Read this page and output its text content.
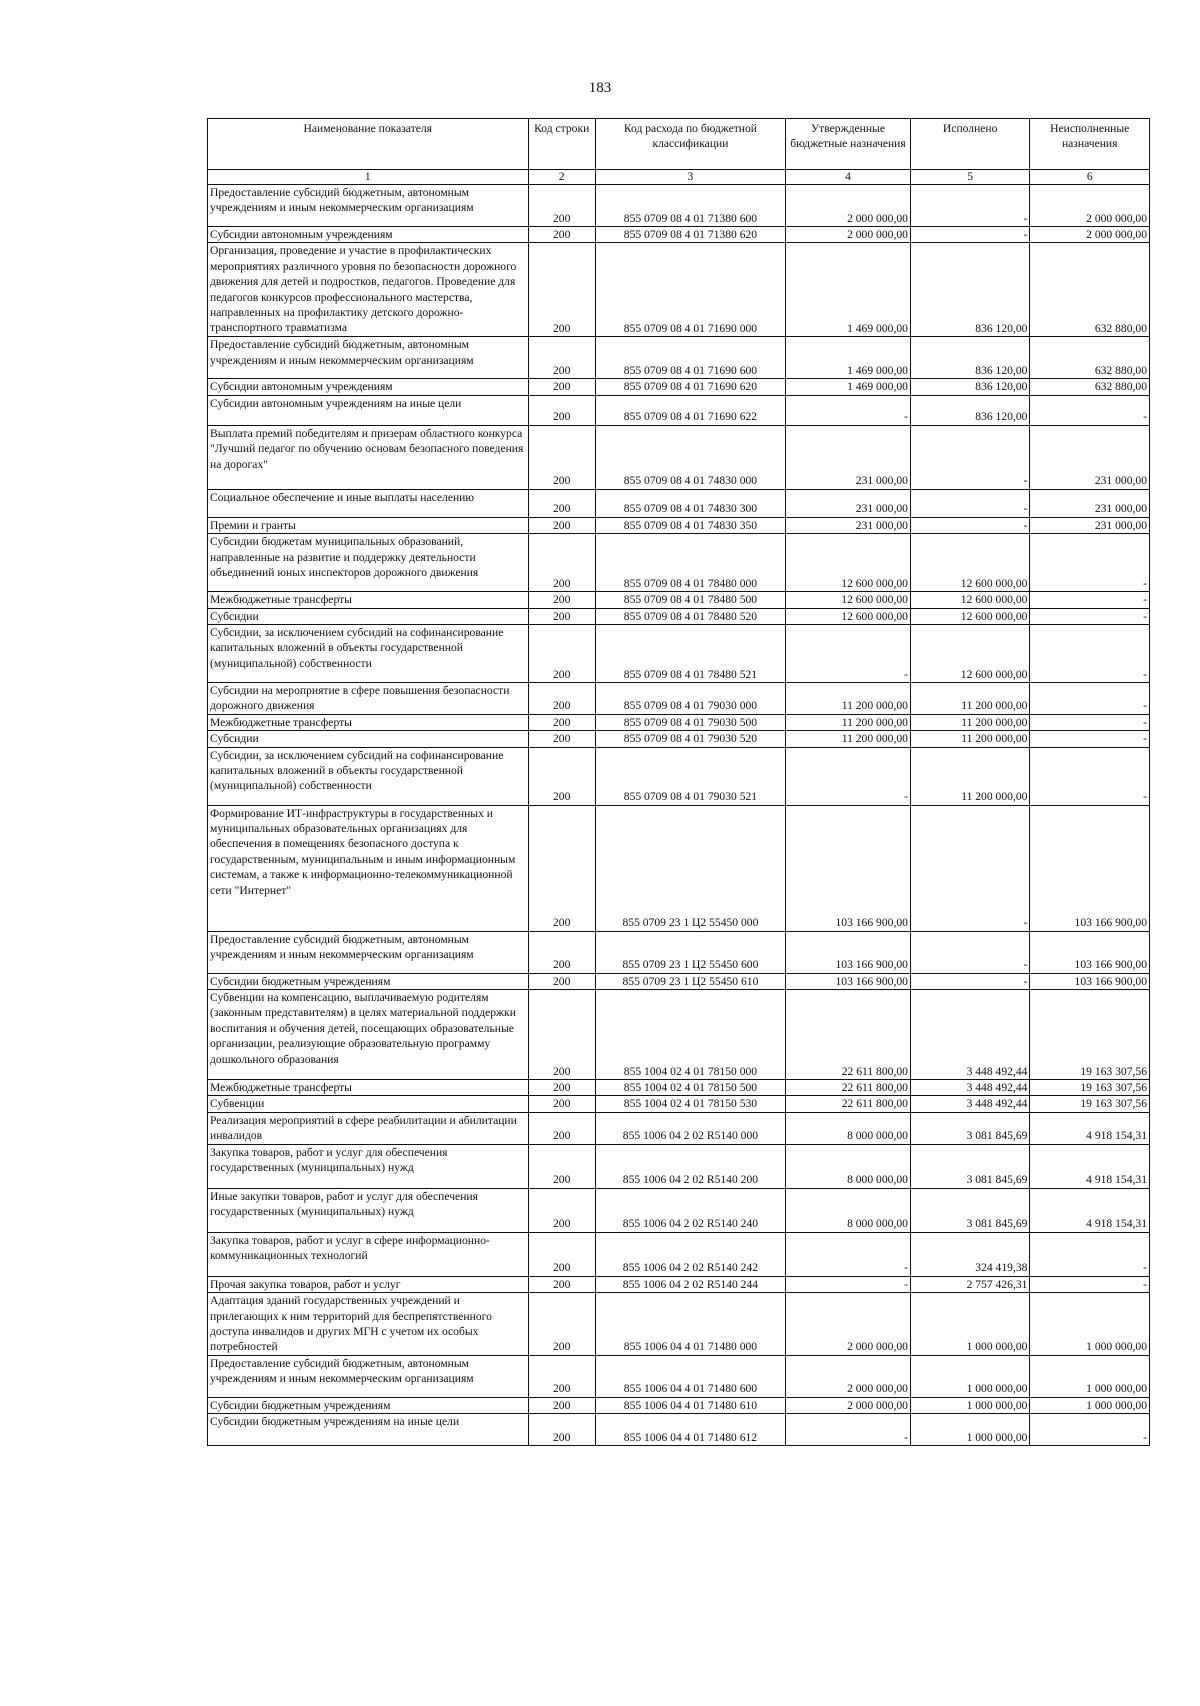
183
Наименование показателя	Код строки	Код расхода по бюджетной классификации	Утвержденные бюджетные назначения	Исполнено	Неисполненные назначения
1	2	3	4	5	6
Предоставление субсидий бюджетным, автономным учреждениям и иным некоммерческим организациям	200	855 0709 08 4 01 71380 600	2 000 000,00	-	2 000 000,00
Субсидии автономным учреждениям	200	855 0709 08 4 01 71380 620	2 000 000,00	-	2 000 000,00
Организация, проведение и участие в профилактических мероприятиях различного уровня по безопасности дорожного движения для детей и подростков, педагогов. Проведение для педагогов конкурсов профессионального мастерства, направленных на профилактику детского дорожно-транспортного травматизма	200	855 0709 08 4 01 71690 000	1 469 000,00	836 120,00	632 880,00
Предоставление субсидий бюджетным, автономным учреждениям и иным некоммерческим организациям	200	855 0709 08 4 01 71690 600	1 469 000,00	836 120,00	632 880,00
Субсидии автономным учреждениям	200	855 0709 08 4 01 71690 620	1 469 000,00	836 120,00	632 880,00
Субсидии автономным учреждениям на иные цели	200	855 0709 08 4 01 71690 622	-	836 120,00	-
Выплата премий победителям и призерам областного конкурса "Лучший педагог по обучению основам безопасного поведения на дорогах"	200	855 0709 08 4 01 74830 000	231 000,00	-	231 000,00
Социальное обеспечение и иные выплаты населению	200	855 0709 08 4 01 74830 300	231 000,00	-	231 000,00
Премии и гранты	200	855 0709 08 4 01 74830 350	231 000,00	-	231 000,00
Субсидии бюджетам муниципальных образований, направленные на развитие и поддержку деятельности объединений юных инспекторов дорожного движения	200	855 0709 08 4 01 78480 000	12 600 000,00	12 600 000,00	-
Межбюджетные трансферты	200	855 0709 08 4 01 78480 500	12 600 000,00	12 600 000,00	-
Субсидии	200	855 0709 08 4 01 78480 520	12 600 000,00	12 600 000,00	-
Субсидии, за исключением субсидий на софинансирование капитальных вложений в объекты государственной (муниципальной) собственности	200	855 0709 08 4 01 78480 521	-	12 600 000,00	-
Субсидии на мероприятие в сфере повышения безопасности дорожного движения	200	855 0709 08 4 01 79030 000	11 200 000,00	11 200 000,00	-
Межбюджетные трансферты	200	855 0709 08 4 01 79030 500	11 200 000,00	11 200 000,00	-
Субсидии	200	855 0709 08 4 01 79030 520	11 200 000,00	11 200 000,00	-
Субсидии, за исключением субсидий на софинансирование капитальных вложений в объекты государственной (муниципальной) собственности	200	855 0709 08 4 01 79030 521	-	11 200 000,00	-
Формирование ИТ-инфраструктуры в государственных и муниципальных образовательных организациях для обеспечения в помещениях безопасного доступа к государственным, муниципальным и иным информационным системам, а также к информационно-телекоммуникационной сети "Интернет"	200	855 0709 23 1 Ц2 55450 000	103 166 900,00	-	103 166 900,00
Предоставление субсидий бюджетным, автономным учреждениям и иным некоммерческим организациям	200	855 0709 23 1 Ц2 55450 600	103 166 900,00	-	103 166 900,00
Субсидии бюджетным учреждениям	200	855 0709 23 1 Ц2 55450 610	103 166 900,00	-	103 166 900,00
Субвенции на компенсацию, выплачиваемую родителям (законным представителям) в целях материальной поддержки воспитания и обучения детей, посещающих образовательные организации, реализующие образовательную программу дошкольного образования	200	855 1004 02 4 01 78150 000	22 611 800,00	3 448 492,44	19 163 307,56
Межбюджетные трансферты	200	855 1004 02 4 01 78150 500	22 611 800,00	3 448 492,44	19 163 307,56
Субвенции	200	855 1004 02 4 01 78150 530	22 611 800,00	3 448 492,44	19 163 307,56
Реализация мероприятий в сфере реабилитации и абилитации инвалидов	200	855 1006 04 2 02 R5140 000	8 000 000,00	3 081 845,69	4 918 154,31
Закупка товаров, работ и услуг для обеспечения государственных (муниципальных) нужд	200	855 1006 04 2 02 R5140 200	8 000 000,00	3 081 845,69	4 918 154,31
Иные закупки товаров, работ и услуг для обеспечения государственных (муниципальных) нужд	200	855 1006 04 2 02 R5140 240	8 000 000,00	3 081 845,69	4 918 154,31
Закупка товаров, работ и услуг в сфере информационно-коммуникационных технологий	200	855 1006 04 2 02 R5140 242	-	324 419,38	-
Прочая закупка товаров, работ и услуг	200	855 1006 04 2 02 R5140 244	-	2 757 426,31	-
Адаптация зданий государственных учреждений и прилегающих к ним территорий для беспрепятственного доступа инвалидов и других МГН с учетом их особых потребностей	200	855 1006 04 4 01 71480 000	2 000 000,00	1 000 000,00	1 000 000,00
Предоставление субсидий бюджетным, автономным учреждениям и иным некоммерческим организациям	200	855 1006 04 4 01 71480 600	2 000 000,00	1 000 000,00	1 000 000,00
Субсидии бюджетным учреждениям	200	855 1006 04 4 01 71480 610	2 000 000,00	1 000 000,00	1 000 000,00
Субсидии бюджетным учреждениям на иные цели	200	855 1006 04 4 01 71480 612	-	1 000 000,00	-
